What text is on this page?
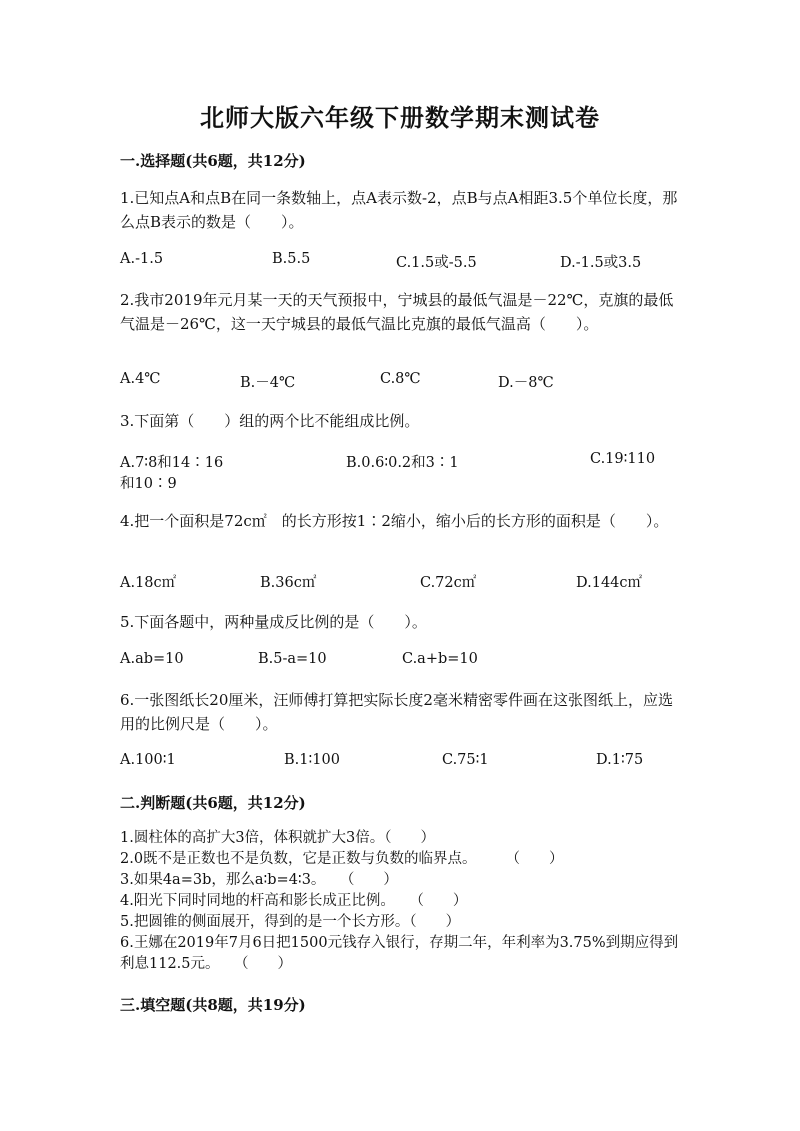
北师大版六年级下册数学期末测试卷
一.选择题(共6题，共12分)
1.已知点A和点B在同一条数轴上，点A表示数-2，点B与点A相距3.5个单位长度，那么点B表示的数是（　　）。
A.-1.5	B.5.5	C.1.5或-5.5	D.-1.5或3.5
2.我市2019年元月某一天的天气预报中，宁城县的最低气温是－22℃，克旗的最低气温是－26℃，这一天宁城县的最低气温比克旗的最低气温高（　　）。
A.4℃	B.－4℃	C.8℃	D.－8℃
3.下面第（　　）组的两个比不能组成比例。
A.7∶8和14∶16	B.0.6∶0.2和3∶1	C.19∶110
和10∶9
4.把一个面积是72c㎡　的长方形按1∶2缩小，缩小后的长方形的面积是（　　）。
A.18c㎡	B.36c㎡	C.72c㎡	D.144c㎡
5.下面各题中，两种量成反比例的是（　　）。
A.ab=10	B.5-a=10	C.a+b=10
6.一张图纸长20厘米，汪师傅打算把实际长度2毫米精密零件画在这张图纸上，应选用的比例尺是（　　）。
A.100∶1	B.1∶100	C.75∶1	D.1∶75
二.判断题(共6题，共12分)
1.圆柱体的高扩大3倍，体积就扩大3倍。（　　）
2.0既不是正数也不是负数，它是正数与负数的临界点。　　　（　　）
3.如果4a=3b，那么a∶b=4∶3。　　（　　）
4.阳光下同时同地的杆高和影长成正比例。　　（　　）
5.把圆锥的侧面展开，得到的是一个长方形。（　　）
6.王娜在2019年7月6日把1500元钱存入银行，存期二年，年利率为3.75%到期应得到利息112.5元。　　（　　）
三.填空题(共8题，共19分)
